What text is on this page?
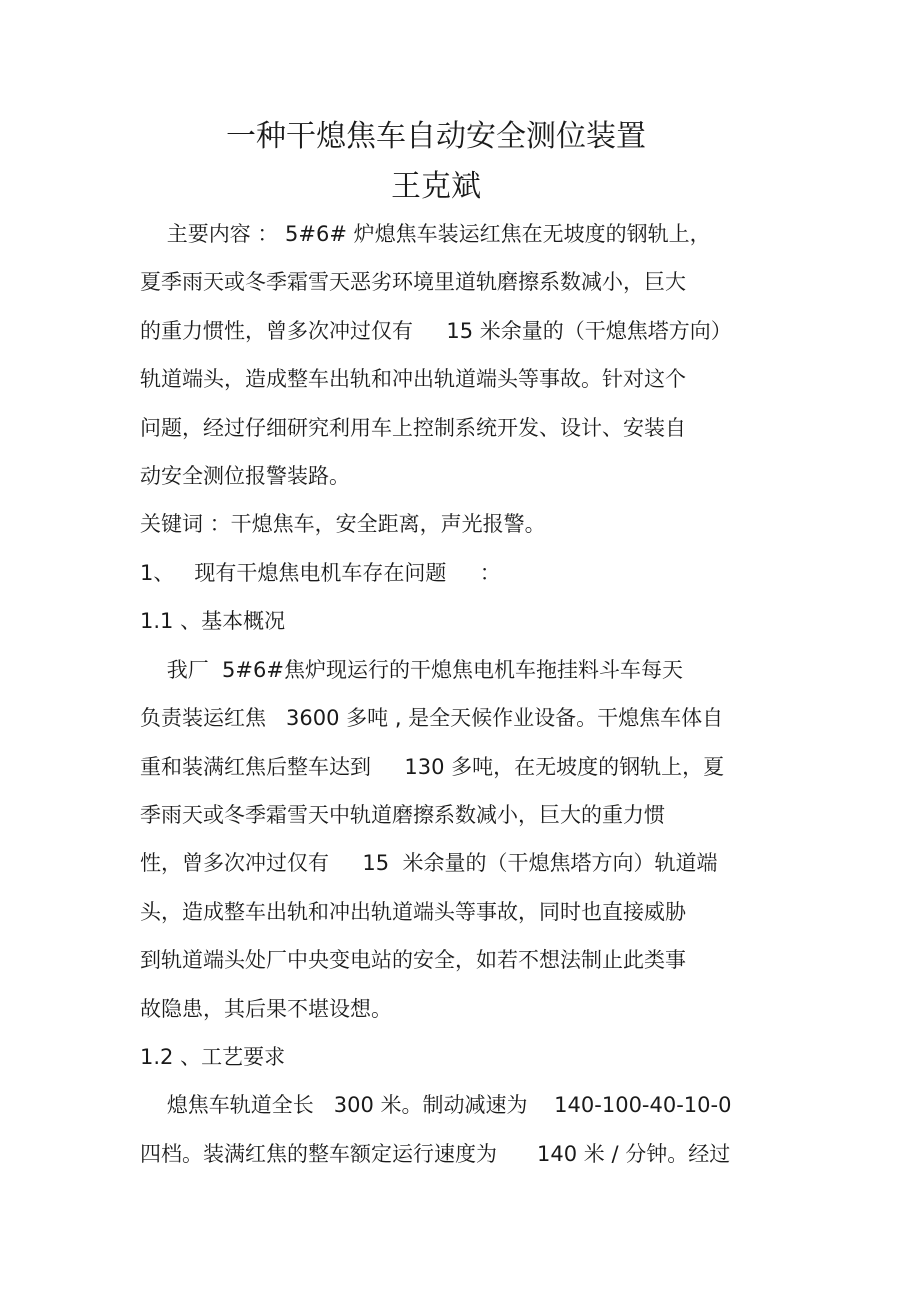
一种干熄焦车自动安全测位装置
王克斌

主要内容 ： 5#6# 炉熄焦车装运红焦在无坡度的钢轨上，

夏季雨天或冬季霜雪天恶劣环境里道轨磨擦系数减小，巨大

的重力惯性，曾多次冲过仅有     15 米余量的（干熄焦塔方向）

轨道端头，造成整车出轨和冲出轨道端头等事故。针对这个

问题，经过仔细研究利用车上控制系统开发、设计、安装自

动安全测位报警装路。

关键词 ：干熄焦车，安全距离，声光报警。

1、   现有干熄焦电机车存在问题     ：

1.1 、基本概况

我厂  5#6#焦炉现运行的干熄焦电机车拖挂料斗车每天

负责装运红焦   3600 多吨 , 是全天候作业设备。干熄焦车体自

重和装满红焦后整车达到     130 多吨，在无坡度的钢轨上，夏

季雨天或冬季霜雪天中轨道磨擦系数减小，巨大的重力惯

性，曾多次冲过仅有     15  米余量的（干熄焦塔方向）轨道端

头，造成整车出轨和冲出轨道端头等事故，同时也直接威胁

到轨道端头处厂中央变电站的安全，如若不想法制止此类事

故隐患，其后果不堪设想。

1.2 、工艺要求

熄焦车轨道全长   300 米。制动减速为    140-100-40-10-0

四档。装满红焦的整车额定运行速度为      140 米 / 分钟。经过
